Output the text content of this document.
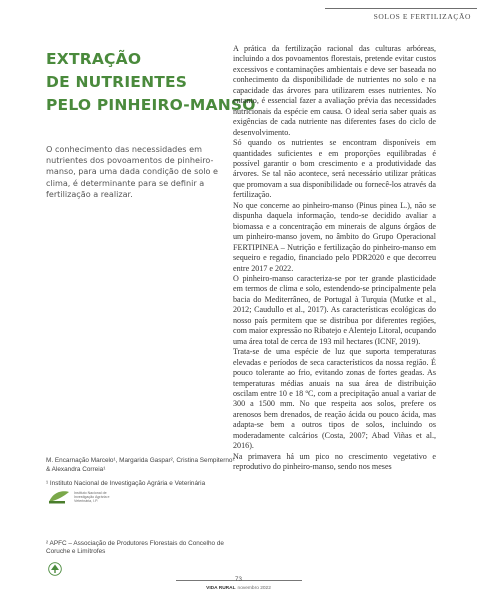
SOLOS E FERTILIZAÇÃO
EXTRAÇÃO
DE NUTRIENTES
PELO PINHEIRO-MANSO

O conhecimento das necessidades em nutrientes dos povoamentos de pinheiro-manso, para uma dada condição de solo e clima, é determinante para se definir a fertilização a realizar.

M. Encarnação Marcelo¹, Margarida Gaspar², Cristina Sempiterno¹ & Alexandra Correia¹

¹ Instituto Nacional de Investigação Agrária e Veterinária

Instituto Nacional de Investigação Agrária e Veterinária, I.P.

² APFC – Associação de Produtores Florestais do Concelho de Coruche e Limítrofes

A prática da fertilização racional das culturas arbóreas, incluindo a dos povoamentos florestais, pretende evitar custos excessivos e contaminações ambientais e deve ser baseada no conhecimento da disponibilidade de nutrientes no solo e na capacidade das árvores para utilizarem esses nutrientes. No entanto, é essencial fazer a avaliação prévia das necessidades nutricionais da espécie em causa. O ideal seria saber quais as exigências de cada nutriente nas diferentes fases do ciclo de desenvolvimento.

Só quando os nutrientes se encontram disponíveis em quantidades suficientes e em proporções equilibradas é possível garantir o bom crescimento e a produtividade das árvores. Se tal não acontece, será necessário utilizar práticas que promovam a sua disponibilidade ou fornecê-los através da fertilização.

No que concerne ao pinheiro-manso (Pinus pinea L.), não se dispunha daquela informação, tendo-se decidido avaliar a biomassa e a concentração em minerais de alguns órgãos de um pinheiro-manso jovem, no âmbito do Grupo Operacional FERTIPINEA – Nutrição e fertilização do pinheiro-manso em sequeiro e regadio, financiado pelo PDR2020 e que decorreu entre 2017 e 2022.

O pinheiro-manso caracteriza-se por ter grande plasticidade em termos de clima e solo, estendendo-se principalmente pela bacia do Mediterrâneo, de Portugal à Turquia (Mutke et al., 2012; Caudullo et al., 2017). As características ecológicas do nosso país permitem que se distribua por diferentes regiões, com maior expressão no Ribatejo e Alentejo Litoral, ocupando uma área total de cerca de 193 mil hectares (ICNF, 2019).

Trata-se de uma espécie de luz que suporta temperaturas elevadas e períodos de seca característicos da nossa região. É pouco tolerante ao frio, evitando zonas de fortes geadas. As temperaturas médias anuais na sua área de distribuição oscilam entre 10 e 18 ºC, com a precipitação anual a variar de 300 a 1500 mm. No que respeita aos solos, prefere os arenosos bem drenados, de reação ácida ou pouco ácida, mas adapta-se bem a outros tipos de solos, incluindo os moderadamente calcários (Costa, 2007; Abad Viñas et al., 2016).

Na primavera há um pico no crescimento vegetativo e reprodutivo do pinheiro-manso, sendo nos meses

73
VIDA RURAL novembro 2022
